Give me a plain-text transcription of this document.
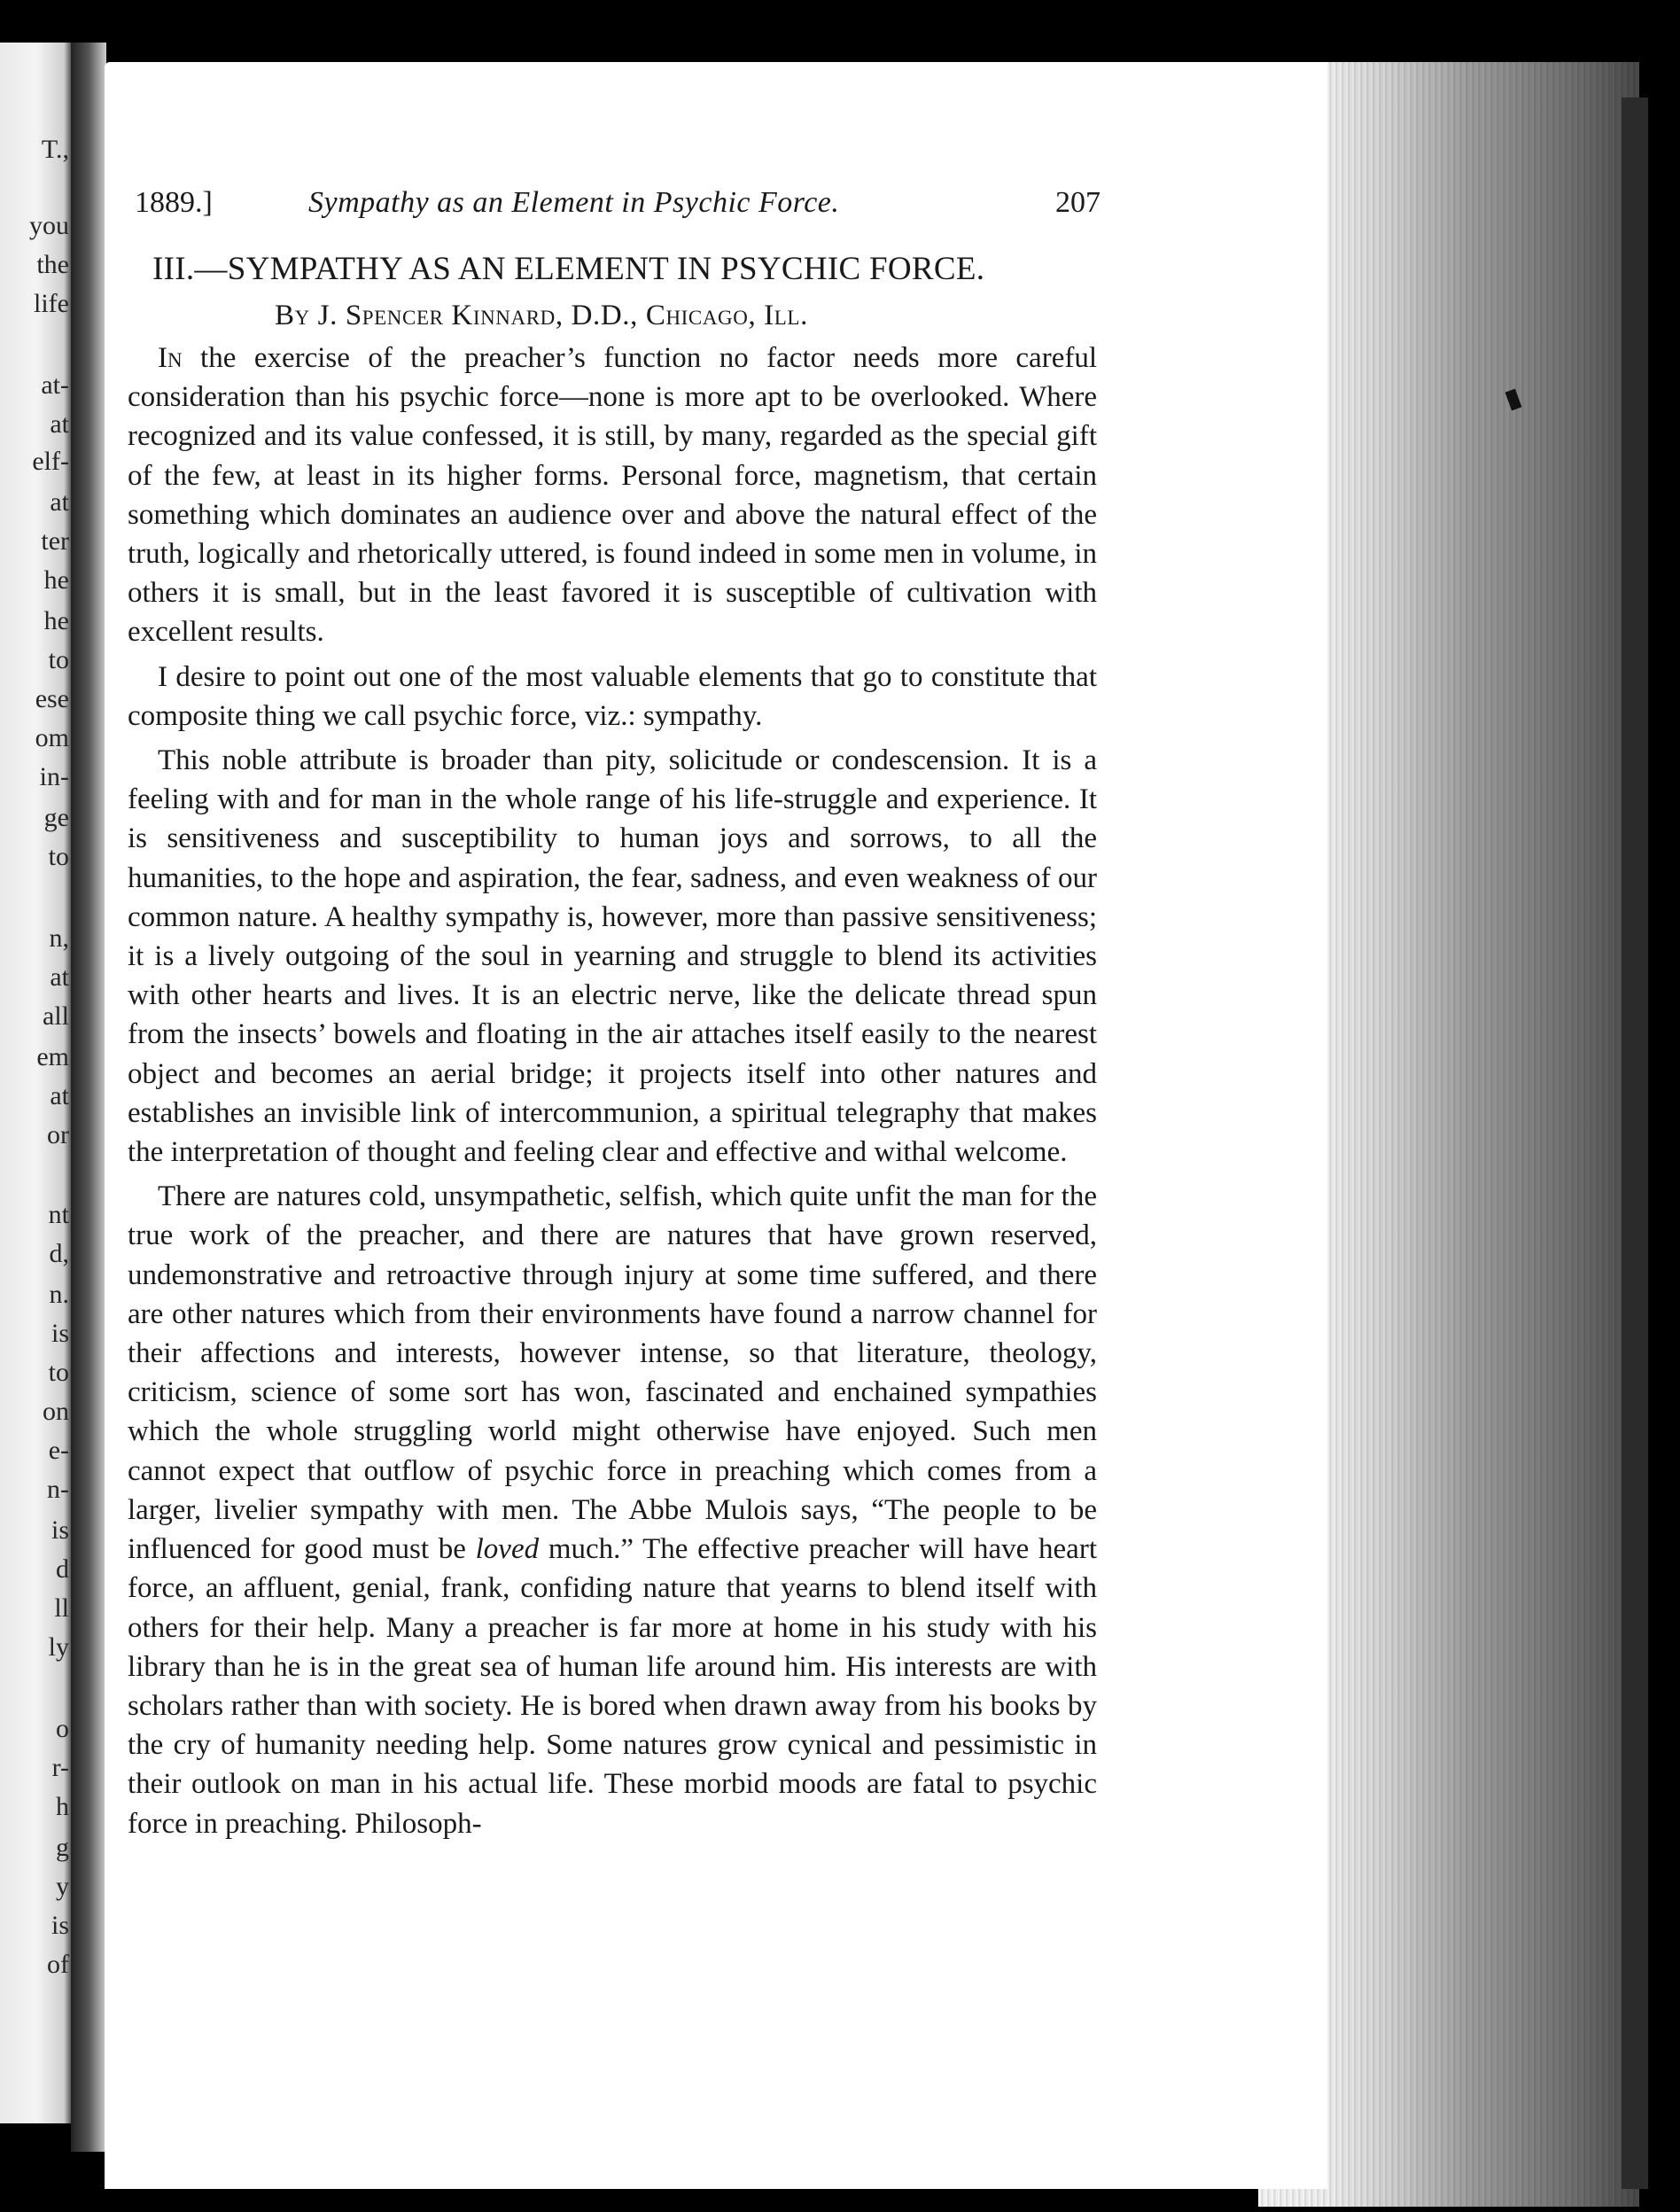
T.,
you
the
life
at-
at
elf-
at
ter
he
he
to
ese
om
in-
ge
to
n,
at
all
em
at
or
nt
d,
n.
is
to
on
e-
n-
is
d
ll
ly
o
r-
h
g
y
is
of
1889.]	Sympathy as an Element in Psychic Force.	207
III.—SYMPATHY AS AN ELEMENT IN PSYCHIC FORCE.
By J. Spencer Kinnard, D.D., Chicago, Ill.

In the exercise of the preacher’s function no factor needs more careful consideration than his psychic force—none is more apt to be overlooked. Where recognized and its value confessed, it is still, by many, regarded as the special gift of the few, at least in its higher forms. Personal force, magnetism, that certain something which dominates an audience over and above the natural effect of the truth, logically and rhetorically uttered, is found indeed in some men in volume, in others it is small, but in the least favored it is susceptible of cultivation with excellent results.

I desire to point out one of the most valuable elements that go to constitute that composite thing we call psychic force, viz.: sympathy.

This noble attribute is broader than pity, solicitude or condescension. It is a feeling with and for man in the whole range of his life-struggle and experience. It is sensitiveness and susceptibility to human joys and sorrows, to all the humanities, to the hope and aspiration, the fear, sadness, and even weakness of our common nature. A healthy sympathy is, however, more than passive sensitiveness; it is a lively outgoing of the soul in yearning and struggle to blend its activities with other hearts and lives. It is an electric nerve, like the delicate thread spun from the insects’ bowels and floating in the air attaches itself easily to the nearest object and becomes an aerial bridge; it projects itself into other natures and establishes an invisible link of intercommunion, a spiritual telegraphy that makes the interpretation of thought and feeling clear and effective and withal welcome.

There are natures cold, unsympathetic, selfish, which quite unfit the man for the true work of the preacher, and there are natures that have grown reserved, undemonstrative and retroactive through injury at some time suffered, and there are other natures which from their environments have found a narrow channel for their affections and interests, however intense, so that literature, theology, criticism, science of some sort has won, fascinated and enchained sympathies which the whole struggling world might otherwise have enjoyed. Such men cannot expect that outflow of psychic force in preaching which comes from a larger, livelier sympathy with men. The Abbe Mulois says, “The people to be influenced for good must be loved much.” The effective preacher will have heart force, an affluent, genial, frank, confiding nature that yearns to blend itself with others for their help. Many a preacher is far more at home in his study with his library than he is in the great sea of human life around him. His interests are with scholars rather than with society. He is bored when drawn away from his books by the cry of humanity needing help. Some natures grow cynical and pessimistic in their outlook on man in his actual life. These morbid moods are fatal to psychic force in preaching. Philosoph-
